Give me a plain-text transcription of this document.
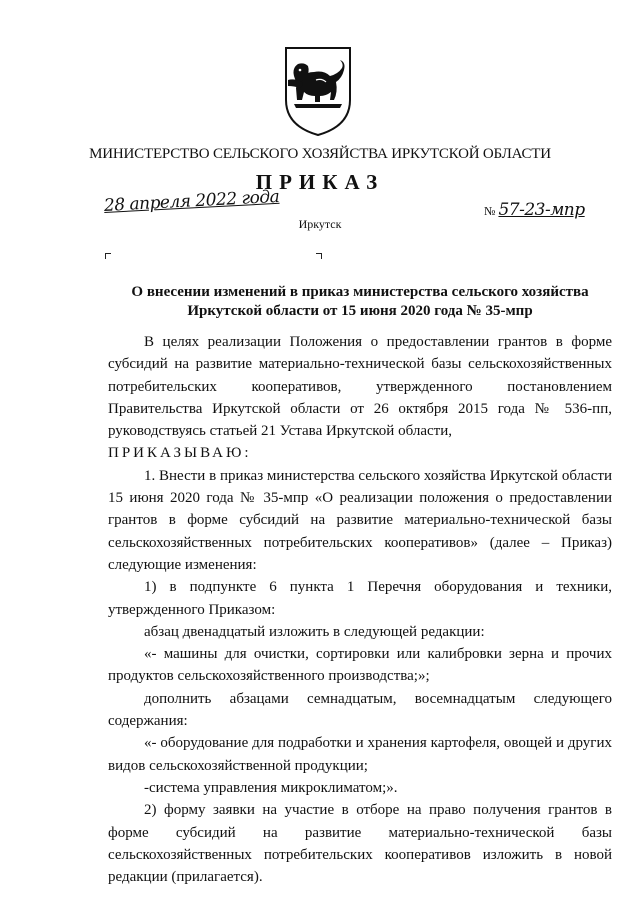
МИНИСТЕРСТВО СЕЛЬСКОГО ХОЗЯЙСТВА ИРКУТСКОЙ ОБЛАСТИ
ПРИКАЗ
28 апреля 2022 года	№ 57-23-мпр
Иркутск
О внесении изменений в приказ министерства сельского хозяйства
Иркутской области от 15 июня 2020 года № 35-мпр

В целях реализации Положения о предоставлении грантов в форме субсидий на развитие материально-технической базы сельскохозяйственных потребительских кооперативов, утвержденного постановлением Правительства Иркутской области от 26 октября 2015 года № 536-пп, руководствуясь статьей 21 Устава Иркутской области,

ПРИКАЗЫВАЮ:

1. Внести в приказ министерства сельского хозяйства Иркутской области 15 июня 2020 года № 35-мпр «О реализации положения о предоставлении грантов в форме субсидий на развитие материально-технической базы сельскохозяйственных потребительских кооперативов» (далее – Приказ) следующие изменения:

1) в подпункте 6 пункта 1 Перечня оборудования и техники, утвержденного Приказом:

абзац двенадцатый изложить в следующей редакции:

«- машины для очистки, сортировки или калибровки зерна и прочих продуктов сельскохозяйственного производства;»;

дополнить абзацами семнадцатым, восемнадцатым следующего содержания:

«- оборудование для подработки и хранения картофеля, овощей и других видов сельскохозяйственной продукции;

-система управления микроклиматом;».

2) форму заявки на участие в отборе на право получения грантов в форме субсидий на развитие материально-технической базы сельскохозяйственных потребительских кооперативов изложить в новой редакции (прилагается).
